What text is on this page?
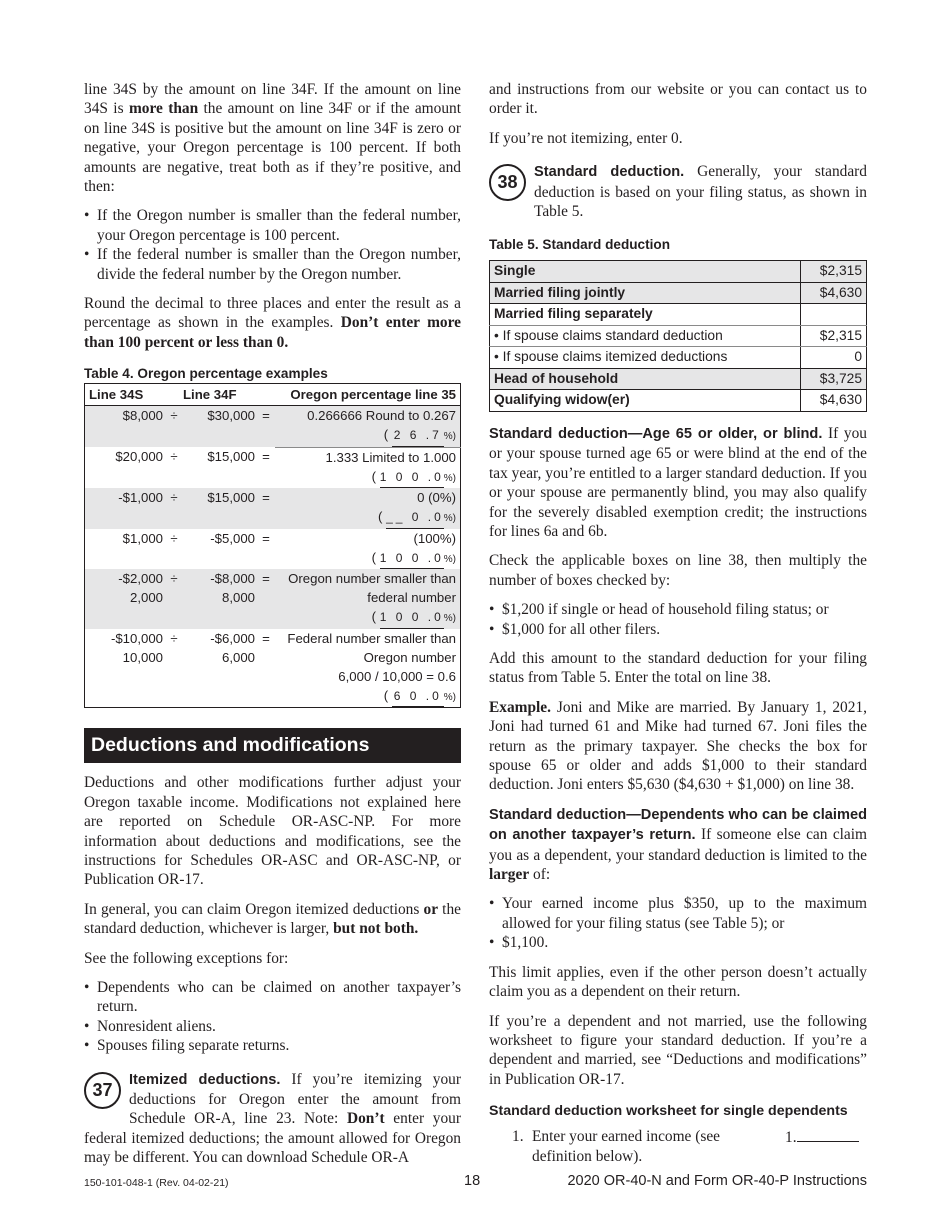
line 34S by the amount on line 34F. If the amount on line 34S is more than the amount on line 34F or if the amount on line 34S is positive but the amount on line 34F is zero or negative, your Oregon percentage is 100 percent. If both amounts are negative, treat both as if they’re positive, and then:

• If the Oregon number is smaller than the federal number, your Oregon percentage is 100 percent.
• If the federal number is smaller than the Oregon number, divide the federal number by the Oregon number.

Round the decimal to three places and enter the result as a percentage as shown in the examples. Don’t enter more than 100 percent or less than 0.

Table 4. Oregon percentage examples
Line 34S	Line 34F			Oregon percentage line 35
$8,000	÷	$30,000	=	0.266666 Round to 0.267
				( 2 6 .7 %)
$20,000	÷	$15,000	=	1.333 Limited to 1.000
				( 1 0 0 .0%)
-$1,000	÷	$15,000	=	0 (0%)
				( __ 0 .0%)
$1,000	÷	-$5,000	=	(100%)
				( 1 0 0 .0%)
-$2,000	÷	-$8,000	=	Oregon number smaller than
2,000		8,000		federal number
				( 1 0 0 .0%)
-$10,000	÷	-$6,000	=	Federal number smaller than
10,000		6,000		Oregon number
				6,000 / 10,000 = 0.6
				( 6 0 .0 %)
Deductions and modifications

Deductions and other modifications further adjust your Oregon taxable income. Modifications not explained here are reported on Schedule OR-ASC-NP. For more information about deductions and modifications, see the instructions for Schedules OR-ASC and OR-ASC-NP, or Publication OR-17.

In general, you can claim Oregon itemized deductions or the standard deduction, whichever is larger, but not both.

See the following exceptions for:

• Dependents who can be claimed on another taxpayer’s return.
• Nonresident aliens.
• Spouses filing separate returns.

37	Itemized deductions. If you’re itemizing your deductions for Oregon enter the amount from Schedule OR-A, line 23. Note: Don’t enter your federal itemized deductions; the amount allowed for Oregon may be different. You can download Schedule OR-A

and instructions from our website or you can contact us to order it.

If you’re not itemizing, enter 0.

38	Standard deduction. Generally, your standard deduction is based on your filing status, as shown in Table 5.

Table 5. Standard deduction
Single	$2,315
Married filing jointly	$4,630
Married filing separately	
• If spouse claims standard deduction	$2,315
• If spouse claims itemized deductions	0
Head of household	$3,725
Qualifying widow(er)	$4,630

Standard deduction—Age 65 or older, or blind. If you or your spouse turned age 65 or were blind at the end of the tax year, you’re entitled to a larger standard deduction. If you or your spouse are permanently blind, you may also qualify for the severely disabled exemption credit; the instructions for lines 6a and 6b.

Check the applicable boxes on line 38, then multiply the number of boxes checked by:

• $1,200 if single or head of household filing status; or
• $1,000 for all other filers.

Add this amount to the standard deduction for your filing status from Table 5. Enter the total on line 38.

Example. Joni and Mike are married. By January 1, 2021, Joni had turned 61 and Mike had turned 67. Joni files the return as the primary taxpayer. She checks the box for spouse 65 or older and adds $1,000 to their standard deduction. Joni enters $5,630 ($4,630 + $1,000) on line 38.

Standard deduction—Dependents who can be claimed on another taxpayer’s return. If someone else can claim you as a dependent, your standard deduction is limited to the larger of:

• Your earned income plus $350, up to the maximum allowed for your filing status (see Table 5); or
• $1,100.

This limit applies, even if the other person doesn’t actually claim you as a dependent on their return.

If you’re a dependent and not married, use the following worksheet to figure your standard deduction. If you’re a dependent and married, see “Deductions and modifications” in Publication OR-17.

Standard deduction worksheet for single dependents
1. Enter your earned income (see definition below).
1.
150-101-048-1 (Rev. 04-02-21)	18	2020 OR-40-N and Form OR-40-P Instructions
